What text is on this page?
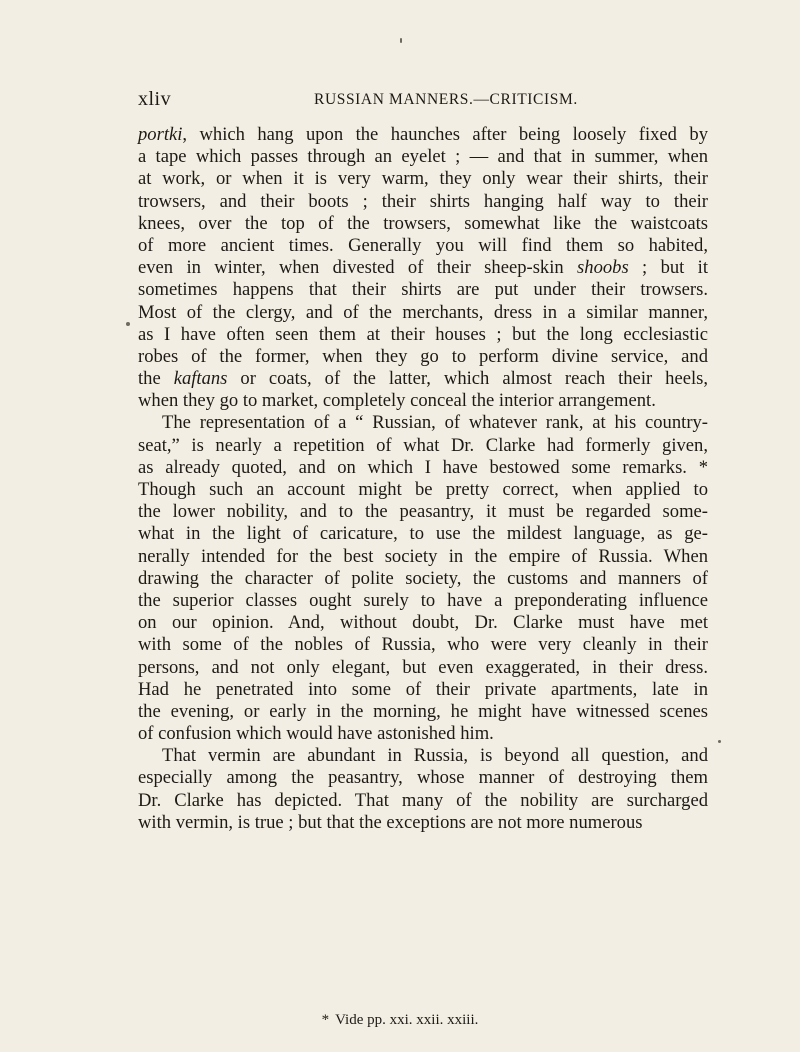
xliv	RUSSIAN MANNERS.—CRITICISM.
portki, which hang upon the haunches after being loosely fixed by
a tape which passes through an eyelet ; — and that in summer, when
at work, or when it is very warm, they only wear their shirts, their
trowsers, and their boots ; their shirts hanging half way to their
knees, over the top of the trowsers, somewhat like the waistcoats
of more ancient times. Generally you will find them so habited,
even in winter, when divested of their sheep-skin shoobs ; but it
sometimes happens that their shirts are put under their trowsers.
Most of the clergy, and of the merchants, dress in a similar manner,
as I have often seen them at their houses ; but the long ecclesiastic
robes of the former, when they go to perform divine service, and
the kaftans or coats, of the latter, which almost reach their heels,
when they go to market, completely conceal the interior arrangement.
The representation of a “ Russian, of whatever rank, at his country-
seat,” is nearly a repetition of what Dr. Clarke had formerly given,
as already quoted, and on which I have bestowed some remarks. *
Though such an account might be pretty correct, when applied to
the lower nobility, and to the peasantry, it must be regarded some-
what in the light of caricature, to use the mildest language, as ge-
nerally intended for the best society in the empire of Russia. When
drawing the character of polite society, the customs and manners of
the superior classes ought surely to have a preponderating influence
on our opinion. And, without doubt, Dr. Clarke must have met
with some of the nobles of Russia, who were very cleanly in their
persons, and not only elegant, but even exaggerated, in their dress.
Had he penetrated into some of their private apartments, late in
the evening, or early in the morning, he might have witnessed scenes
of confusion which would have astonished him.
That vermin are abundant in Russia, is beyond all question, and
especially among the peasantry, whose manner of destroying them
Dr. Clarke has depicted. That many of the nobility are surcharged
with vermin, is true ; but that the exceptions are not more numerous
* Vide pp. xxi. xxii. xxiii.
